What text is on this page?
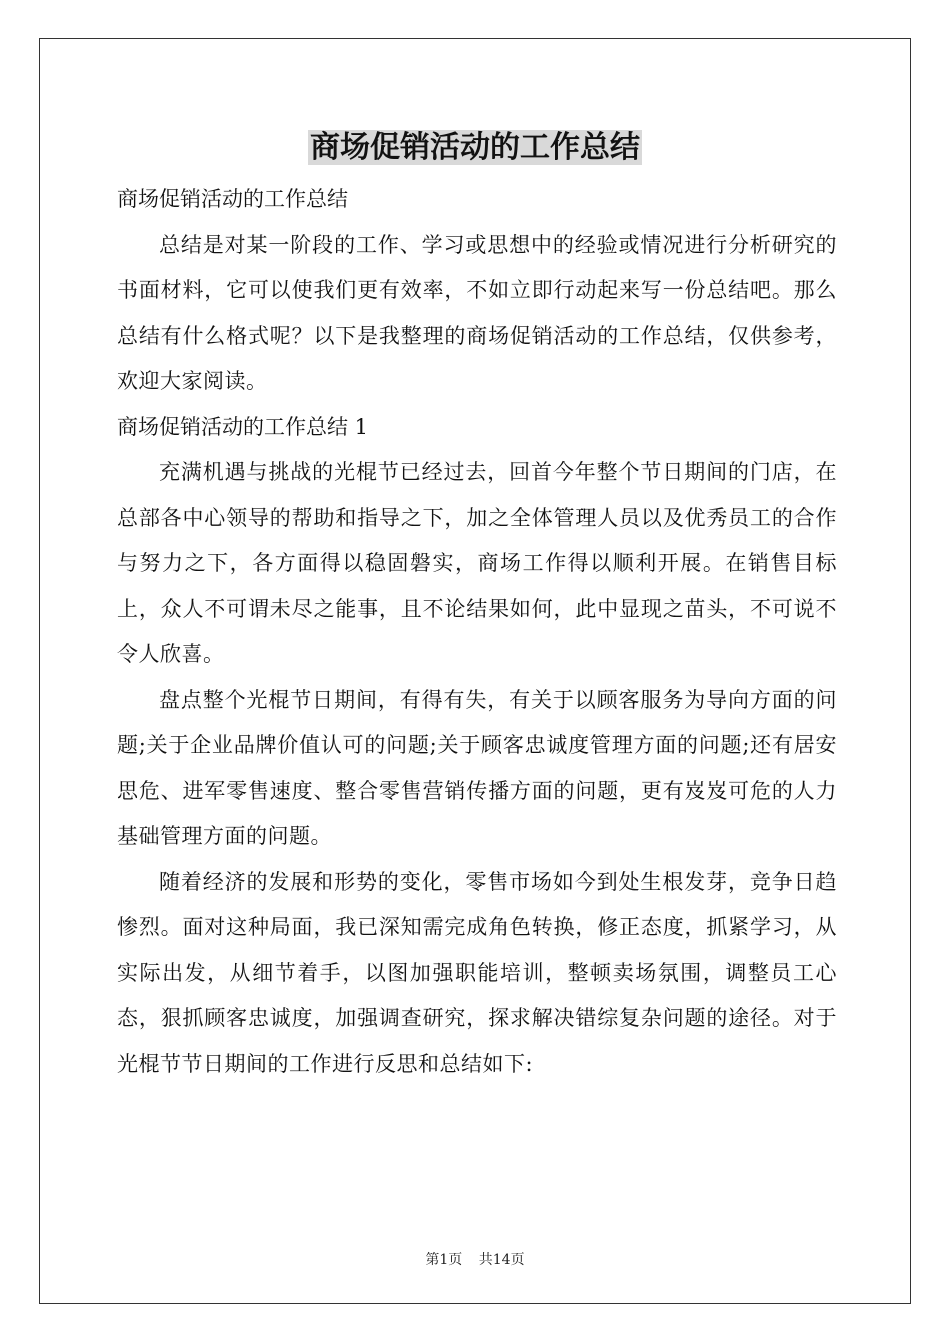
商场促销活动的工作总结

商场促销活动的工作总结

总结是对某一阶段的工作、学习或思想中的经验或情况进行分析研究的书面材料，它可以使我们更有效率，不如立即行动起来写一份总结吧。那么总结有什么格式呢？以下是我整理的商场促销活动的工作总结，仅供参考，欢迎大家阅读。

商场促销活动的工作总结 1

充满机遇与挑战的光棍节已经过去，回首今年整个节日期间的门店，在总部各中心领导的帮助和指导之下，加之全体管理人员以及优秀员工的合作与努力之下，各方面得以稳固磐实，商场工作得以顺利开展。在销售目标上，众人不可谓未尽之能事，且不论结果如何，此中显现之苗头，不可说不令人欣喜。

盘点整个光棍节日期间，有得有失，有关于以顾客服务为导向方面的问题;关于企业品牌价值认可的问题;关于顾客忠诚度管理方面的问题;还有居安思危、进军零售速度、整合零售营销传播方面的问题，更有岌岌可危的人力基础管理方面的问题。

随着经济的发展和形势的变化，零售市场如今到处生根发芽，竞争日趋惨烈。面对这种局面，我已深知需完成角色转换，修正态度，抓紧学习，从实际出发，从细节着手，以图加强职能培训，整顿卖场氛围，调整员工心态，狠抓顾客忠诚度，加强调查研究，探求解决错综复杂问题的途径。对于光棍节节日期间的工作进行反思和总结如下:

第1页 共14页
